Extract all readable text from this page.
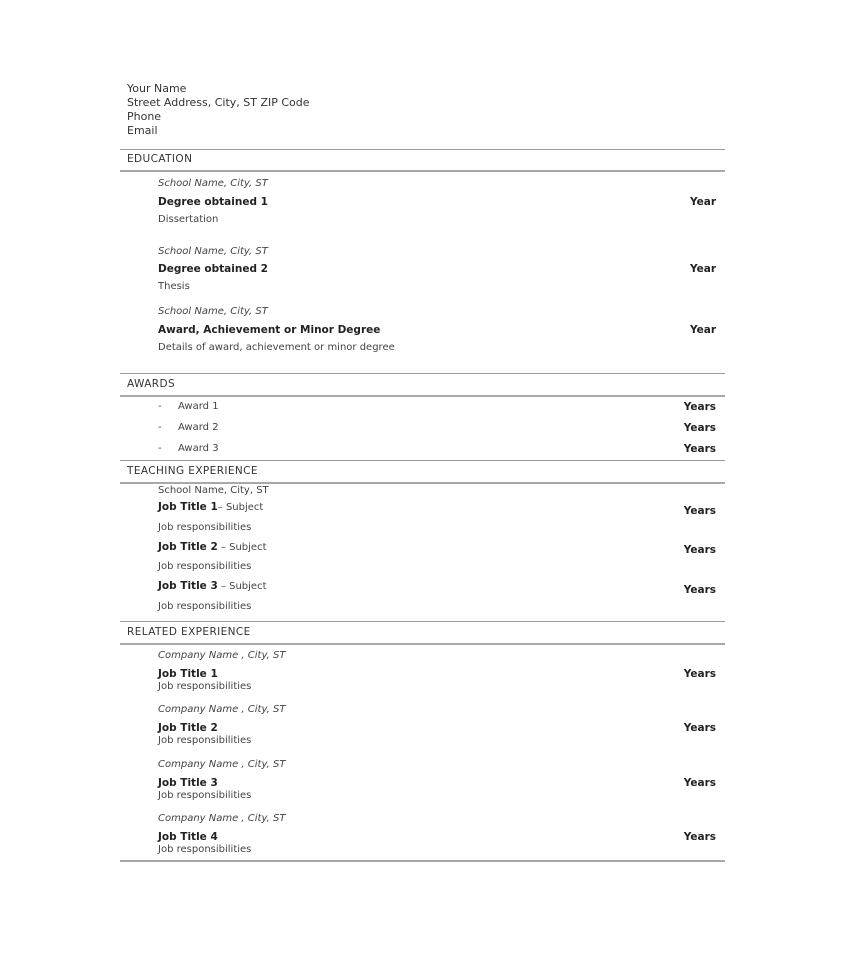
Your Name
Street Address, City, ST ZIP Code
Phone
Email
EDUCATION
School Name, City, ST
Degree obtained 1	Year
Dissertation
School Name, City, ST
Degree obtained 2	Year
Thesis
School Name, City, ST
Award, Achievement or Minor Degree	Year
Details of award, achievement or minor degree
AWARDS
- Award 1	Years
- Award 2	Years
- Award 3	Years
TEACHING EXPERIENCE
School Name, City, ST
Job Title 1– Subject	Years
Job responsibilities
Job Title 2 – Subject	Years
Job responsibilities
Job Title 3 – Subject	Years
Job responsibilities
RELATED EXPERIENCE
Company Name , City, ST
Job Title 1	Years
Job responsibilities
Company Name , City, ST
Job Title 2	Years
Job responsibilities
Company Name , City, ST
Job Title 3	Years
Job responsibilities
Company Name , City, ST
Job Title 4	Years
Job responsibilities
